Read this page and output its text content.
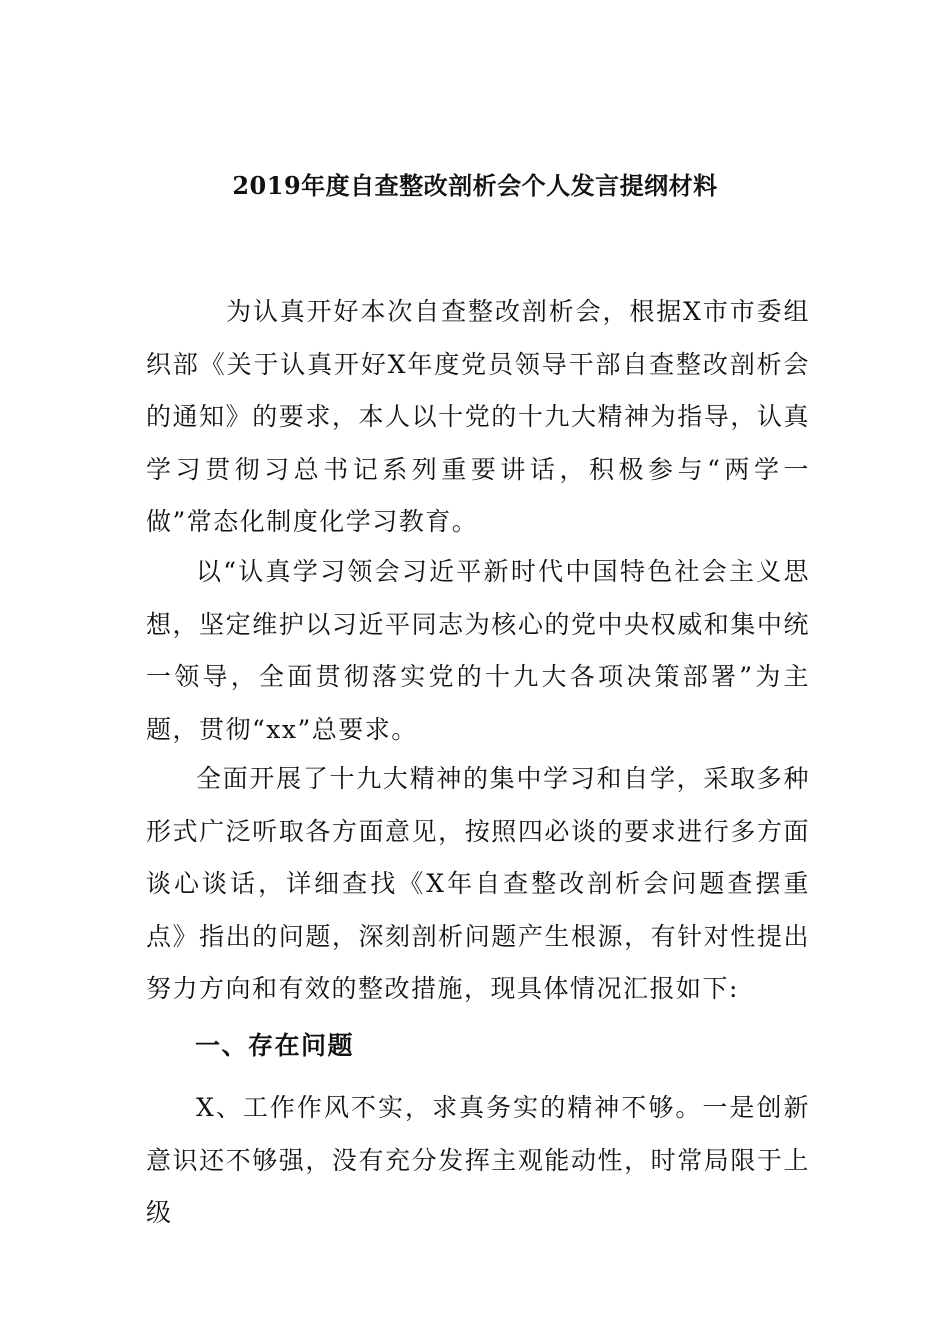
2019年度自查整改剖析会个人发言提纲材料

为认真开好本次自查整改剖析会，根据X市市委组织部《关于认真开好X年度党员领导干部自查整改剖析会的通知》的要求，本人以十党的十九大精神为指导，认真学习贯彻习总书记系列重要讲话，积极参与“两学一做”常态化制度化学习教育。

以“认真学习领会习近平新时代中国特色社会主义思想，坚定维护以习近平同志为核心的党中央权威和集中统一领导，全面贯彻落实党的十九大各项决策部署”为主题，贯彻“xx”总要求。

全面开展了十九大精神的集中学习和自学，采取多种形式广泛听取各方面意见，按照四必谈的要求进行多方面谈心谈话，详细查找《X年自查整改剖析会问题查摆重点》指出的问题，深刻剖析问题产生根源，有针对性提出努力方向和有效的整改措施，现具体情况汇报如下:

一、存在问题

X、工作作风不实，求真务实的精神不够。一是创新意识还不够强，没有充分发挥主观能动性，时常局限于上级
